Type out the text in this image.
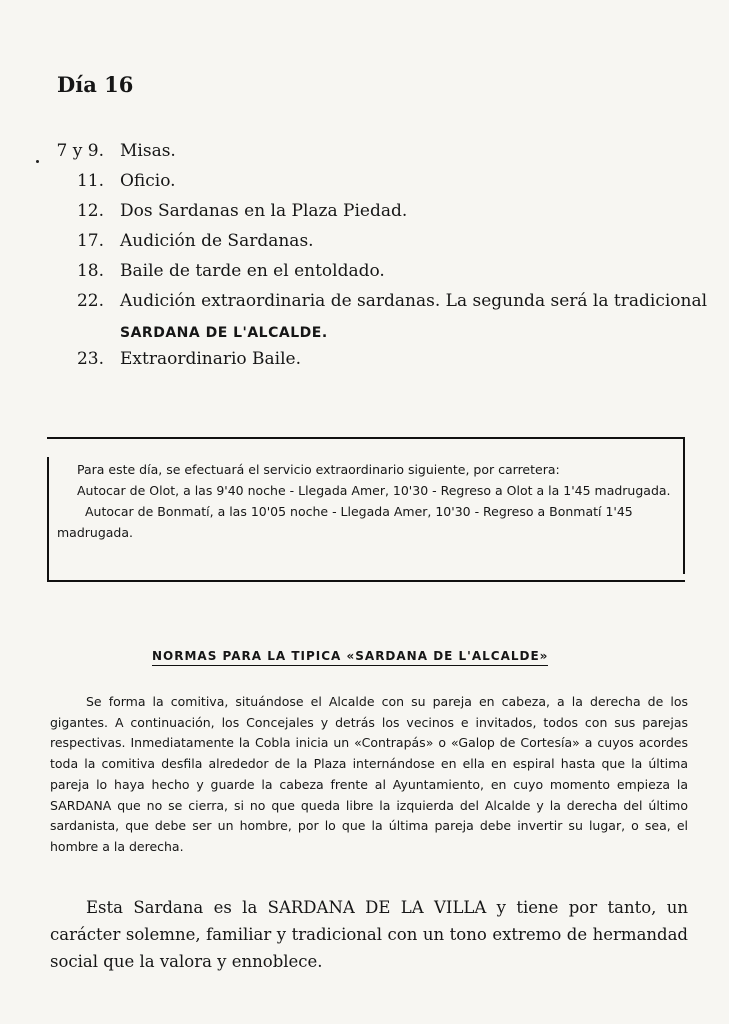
Día 16
7 y 9. Misas.
11. Oficio.
12. Dos Sardanas en la Plaza Piedad.
17. Audición de Sardanas.
18. Baile de tarde en el entoldado.
22. Audición extraordinaria de sardanas. La segunda será la tradicional
SARDANA DE L'ALCALDE.
23. Extraordinario Baile.

Para este día, se efectuará el servicio extraordinario siguiente, por carretera:

Autocar de Olot, a las 9'40 noche - Llegada Amer, 10'30 - Regreso a Olot a la 1'45 madrugada.

Autocar de Bonmatí, a las 10'05 noche - Llegada Amer, 10'30 - Regreso a Bonmatí 1'45 madrugada.

NORMAS PARA LA TIPICA «SARDANA DE L'ALCALDE»

Se forma la comitiva, situándose el Alcalde con su pareja en cabeza, a la derecha de los gigantes. A continuación, los Concejales y detrás los vecinos e invitados, todos con sus parejas respectivas. Inmediatamente la Cobla inicia un «Contrapás» o «Galop de Cortesía» a cuyos acordes toda la comitiva desfila alrededor de la Plaza internándose en ella en espiral hasta que la última pareja lo haya hecho y guarde la cabeza frente al Ayuntamiento, en cuyo momento empieza la SARDANA que no se cierra, si no que queda libre la izquierda del Alcalde y la derecha del último sardanista, que debe ser un hombre, por lo que la última pareja debe invertir su lugar, o sea, el hombre a la derecha.

Esta Sardana es la SARDANA DE LA VILLA y tiene por tanto, un carácter solemne, familiar y tradicional con un tono extremo de hermandad social que la valora y ennoblece.
